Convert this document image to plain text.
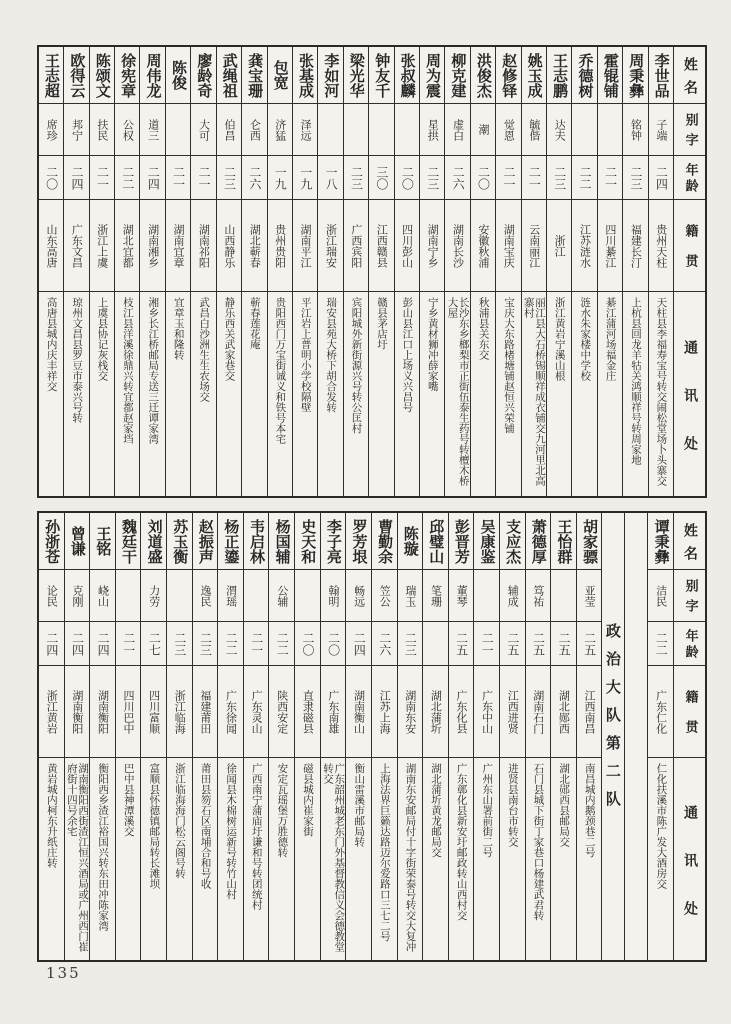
姓名
别字
年龄
籍贯
通讯处
李世品
子端
二四
贵州天柱
天柱县李福寿宝号转交闹松堂场卜头寨交
周秉彝
铭钟
二三
福建长汀
上杭县回龙羊牯关鸿顺祥号转周家地
霍锟铺
二一
四川綦江
綦江蒲河场福金庄
乔德树
二二
江苏涟水
涟水朱家楼中学校
王志鹏
达夫
二三
浙江
浙江黄岩宁溪山根
姚玉成
毓偕
二一
云南丽江
丽江县大石桥锡顺祥成衣铺交九河里北高寨村
赵修铎
觉恩
二一
湖南宝庆
宝庆大东路楮塘铺赵恒兴荣铺
洪俊杰
潮
二〇
安徽秋浦
秋浦县关东交
柳克建
虚白
二六
湖南长沙
长沙东乡榔梨市正街伍泰生药号转檀木桥大屋
周为震
星拱
二三
湖南宁乡
宁乡黄材狮冲薛家嘴
张叔麟
二〇
四川彭山
彭山县江口上场义兴昌号
钟友千
三〇
江西赣县
赣县茅店圩
梁光华
二三
广西宾阳
宾阳城外新街源兴号转公匡村
李如河
一八
浙江瑞安
瑞安县苑大桥下胡合发转
张基成
泽远
一九
湖南平江
平江岩上普明小学校隔壁
包宽
济猛
一九
贵州贵阳
贵阳西门万宝街诚义和铁号本宅
龚宝珊
仑西
二六
湖北蕲春
蕲春莲花庵
武绳祖
伯昌
二三
山西静乐
静乐西关武家巷交
廖龄奇
大可
二一
湖南祁阳
武昌白沙洲生生农场交
陈俊
二一
湖南宜章
宜章玉和隆转
周伟龙
道三
二四
湖南湘乡
湘乡长江桥邮局专送三迁谭家湾
徐宪章
公权
二二
湖北宜都
枝江县洋溪徐鼎兴转宜都赵家垱
陈颂文
扶民
二一
浙江上虞
上虞县协记灰栈交
欧得云
邦宁
二四
广东文昌
琼州文昌县罗豆市泰兴号转
王志超
席珍
二〇
山东高唐
高唐县城内庆丰祥交
姓名
别字
年龄
籍贯
通讯处
谭秉彝
洁民
二二
广东仁化
仁化扶溪市陈广发大酒房交
政治大队第二队
胡家骠
亚莹
二五
江西南昌
南昌城内鹅颈巷二号
王怡群
二五
湖北郧西
湖北郧西县邮局交
萧德厚
笃祐
二五
湖南石门
石门县城下街丁家巷口杨建武君转
支应杰
辅成
二五
江西进贤
进贤县南台市转交
吴康鉴
二一
广东中山
广州东山署前街二号
彭晋芳
董琴
二五
广东化县
广东鄣化县新安圩邮政转山西村交
邱璧山
笔珊
湖北蒲圻
湖北蒲圻黄龙邮局交
陈璇
瑞玉
二三
湖南东安
湖南东安邮局付十字街荣泰号转交大复冲
曹勤余
笠公
二六
江苏上海
上海法界巨籁达路迈尔爱路口三七二号
罗芳垠
畅远
二四
湖南衡山
衡山雷溪市邮局转
李子亮
翰明
二〇
广东南雄
广东韶州城老东门外基督教信义会德教堂转交
史天和
二〇
直隶磁县
磁县城内崔家街
杨国辅
公辅
二二
陕西安定
安定瓦瑶堡万胜德转
韦启林
二一
广东灵山
广西南宁蒲庙圩谦和号转团统村
杨正鎏
渭瑶
二二
广东徐闻
徐闻县木棉树运新号转竹山村
赵振声
逸民
二三
福建莆田
莆田县笏石区南埔合和号收
苏玉衡
二三
浙江临海
浙江临海海门松云阁号转
刘道盛
力劳
二七
四川富顺
富顺县怀德镇邮局转长滩坝
魏廷干
二一
四川巴中
巴中县神潭溪交
王铭
峣山
二四
湖南衡阳
衡阳西乡渣江裕国兴转东田冲陈家湾
曾谦
克刚
二四
湖南衡阳
湖南衡阳西街渣江恒兴酒局或广州西门崔府街十四号余宅
孙浙苍
论民
二四
浙江黄岩
黄岩城内柯东升纸庄转
135
